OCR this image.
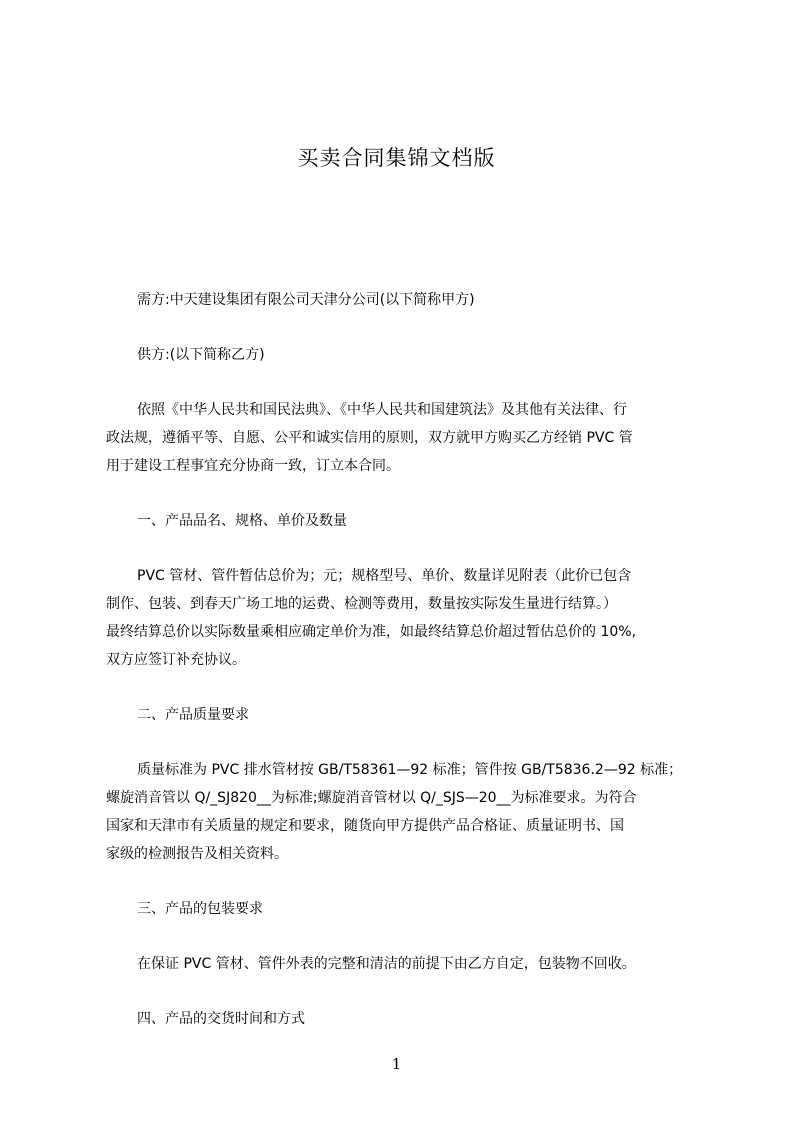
买卖合同集锦文档版
需方:中天建设集团有限公司天津分公司(以下简称甲方)
供方:(以下简称乙方)
依照《中华人民共和国民法典》、《中华人民共和国建筑法》及其他有关法律、行
政法规，遵循平等、自愿、公平和诚实信用的原则，双方就甲方购买乙方经销 PVC 管
用于建设工程事宜充分协商一致，订立本合同。
一、产品品名、规格、单价及数量
PVC 管材、管件暂估总价为；元；规格型号、单价、数量详见附表（此价已包含
制作、包装、到春天广场工地的运费、检测等费用，数量按实际发生量进行结算。）
最终结算总价以实际数量乘相应确定单价为准，如最终结算总价超过暂估总价的 10%,
双方应签订补充协议。
二、产品质量要求
质量标准为 PVC 排水管材按 GB/T58361—92 标准；管件按 GB/T5836.2—92 标准；
螺旋消音管以 Q/_SJ820__为标准;螺旋消音管材以 Q/_SJS—20__为标准要求。为符合
国家和天津市有关质量的规定和要求，随货向甲方提供产品合格证、质量证明书、国
家级的检测报告及相关资料。
三、产品的包装要求
在保证 PVC 管材、管件外表的完整和清洁的前提下由乙方自定，包装物不回收。
四、产品的交货时间和方式
1
